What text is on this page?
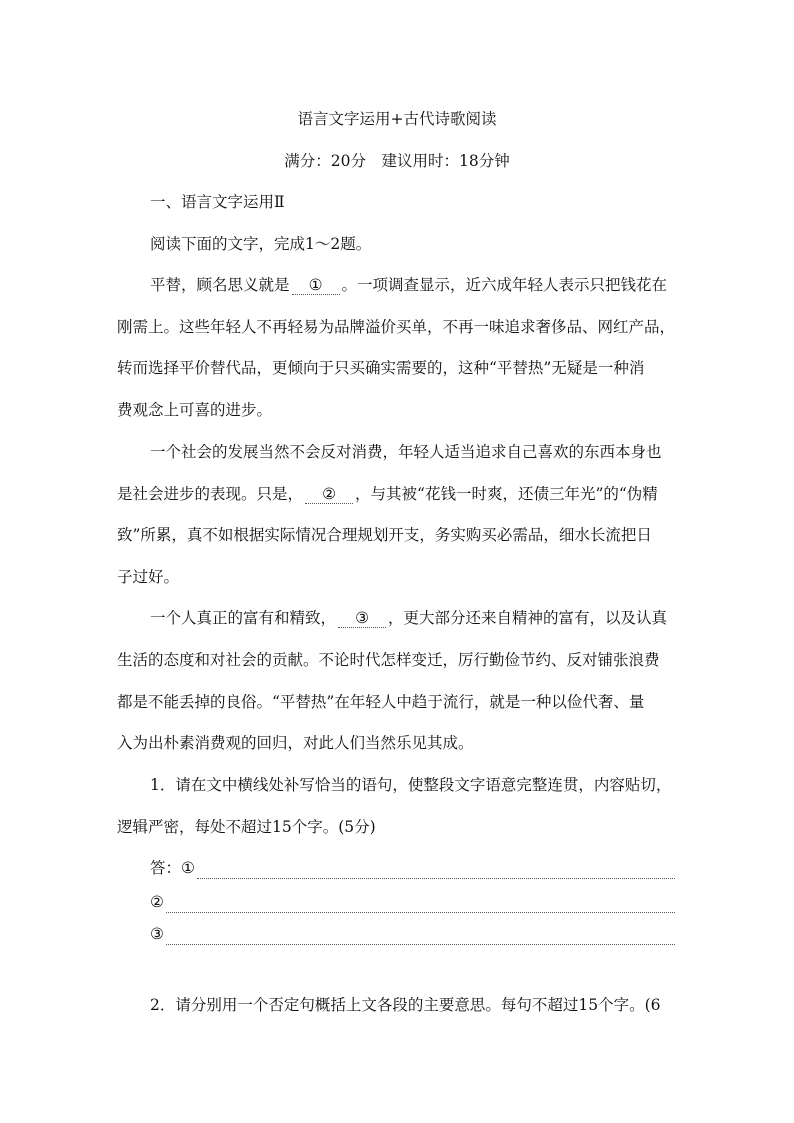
语言文字运用+古代诗歌阅读
满分：20分　建议用时：18分钟
一、语言文字运用Ⅱ
阅读下面的文字，完成1～2题。
平替，顾名思义就是 ① 。一项调查显示，近六成年轻人表示只把钱花在
刚需上。这些年轻人不再轻易为品牌溢价买单，不再一味追求奢侈品、网红产品，
转而选择平价替代品，更倾向于只买确实需要的，这种“平替热”无疑是一种消
费观念上可喜的进步。
一个社会的发展当然不会反对消费，年轻人适当追求自己喜欢的东西本身也
是社会进步的表现。只是， ② ，与其被“花钱一时爽，还债三年光”的“伪精
致”所累，真不如根据实际情况合理规划开支，务实购买必需品，细水长流把日
子过好。
一个人真正的富有和精致， ③ ，更大部分还来自精神的富有，以及认真
生活的态度和对社会的贡献。不论时代怎样变迁，厉行勤俭节约、反对铺张浪费
都是不能丢掉的良俗。“平替热”在年轻人中趋于流行，就是一种以俭代奢、量
入为出朴素消费观的回归，对此人们当然乐见其成。
1．请在文中横线处补写恰当的语句，使整段文字语意完整连贯，内容贴切，
逻辑严密，每处不超过15个字。(5分)
答： ①
②
③
2．请分别用一个否定句概括上文各段的主要意思。每句不超过15个字。(6
